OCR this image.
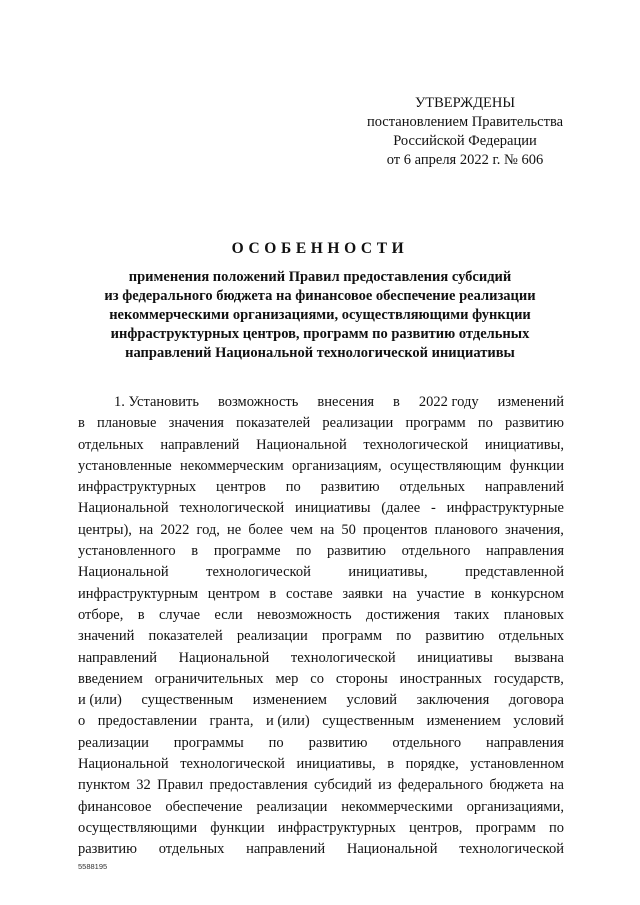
УТВЕРЖДЕНЫ
постановлением Правительства
Российской Федерации
от 6 апреля 2022 г. № 606
ОСОБЕННОСТИ
применения положений Правил предоставления субсидий
из федерального бюджета на финансовое обеспечение реализации
некоммерческими организациями, осуществляющими функции
инфраструктурных центров, программ по развитию отдельных
направлений Национальной технологической инициативы
1. Установить возможность внесения в 2022 году изменений
в плановые значения показателей реализации программ по развитию
отдельных направлений Национальной технологической инициативы,
установленные некоммерческим организациям, осуществляющим функции
инфраструктурных центров по развитию отдельных направлений
Национальной технологической инициативы (далее - инфраструктурные
центры), на 2022 год, не более чем на 50 процентов планового значения,
установленного в программе по развитию отдельного направления
Национальной	технологической	инициативы,	представленной
инфраструктурным центром в составе заявки на участие в конкурсном
отборе, в случае если невозможность достижения таких плановых
значений показателей реализации программ по развитию отдельных
направлений Национальной технологической инициативы вызвана
введением ограничительных мер со стороны иностранных государств,
и (или) существенным изменением условий заключения договора
о предоставлении гранта, и (или) существенным изменением условий
реализации программы по развитию отдельного направления
Национальной технологической инициативы, в порядке, установленном
пунктом 32 Правил предоставления субсидий из федерального бюджета на
финансовое обеспечение реализации некоммерческими организациями,
осуществляющими функции инфраструктурных центров, программ по
развитию отдельных направлений Национальной технологической
5588195
